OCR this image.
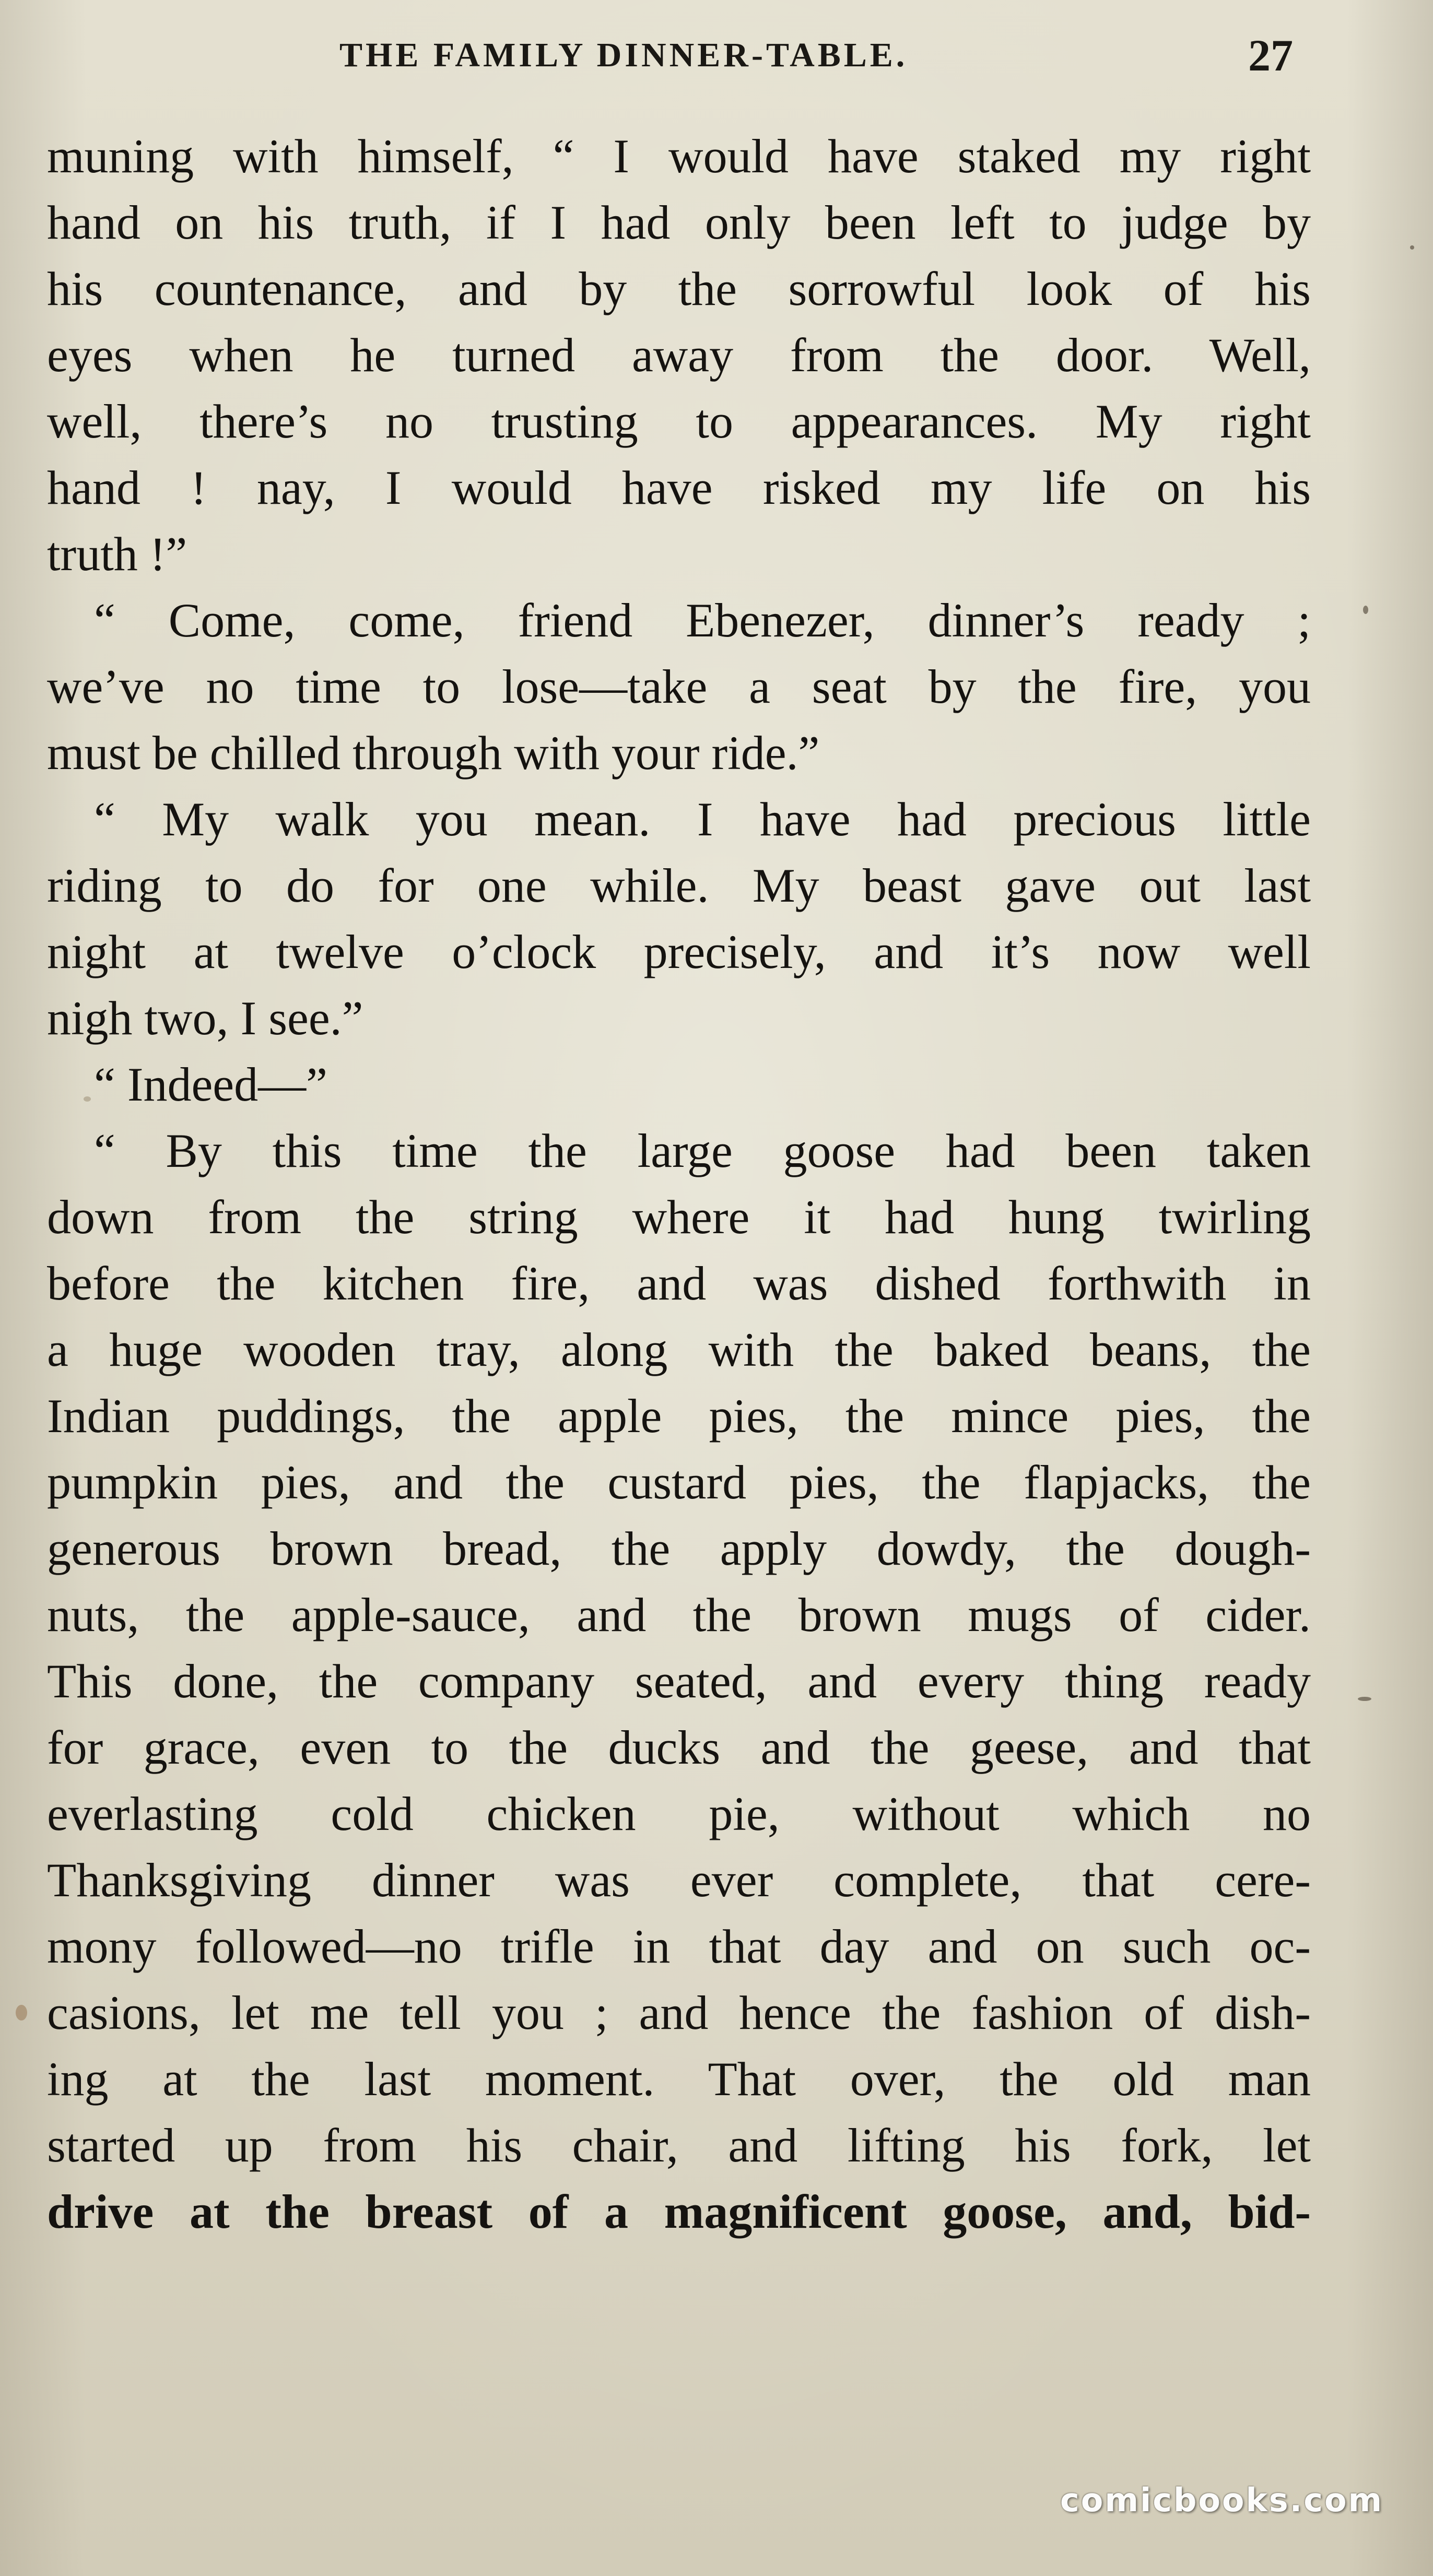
THE FAMILY DINNER-TABLE.	27
muning with himself, “ I would have staked my right
hand on his truth, if I had only been left to judge by
his countenance, and by the sorrowful look of his
eyes when he turned away from the door. Well,
well, there’s no trusting to appearances. My right
hand ! nay, I would have risked my life on his
truth !”
“ Come, come, friend Ebenezer, dinner’s ready ;
we’ve no time to lose—take a seat by the fire, you
must be chilled through with your ride.”
“ My walk you mean. I have had precious little
riding to do for one while. My beast gave out last
night at twelve o’clock precisely, and it’s now well
nigh two, I see.”
“ Indeed—”
“ By this time the large goose had been taken
down from the string where it had hung twirling
before the kitchen fire, and was dished forthwith in
a huge wooden tray, along with the baked beans, the
Indian puddings, the apple pies, the mince pies, the
pumpkin pies, and the custard pies, the flapjacks, the
generous brown bread, the apply dowdy, the dough-
nuts, the apple-sauce, and the brown mugs of cider.
This done, the company seated, and every thing ready
for grace, even to the ducks and the geese, and that
everlasting cold chicken pie, without which no
Thanksgiving dinner was ever complete, that cere-
mony followed—no trifle in that day and on such oc-
casions, let me tell you ; and hence the fashion of dish-
ing at the last moment. That over, the old man
started up from his chair, and lifting his fork, let
drive at the breast of a magnificent goose, and, bid-
comicbooks.com
